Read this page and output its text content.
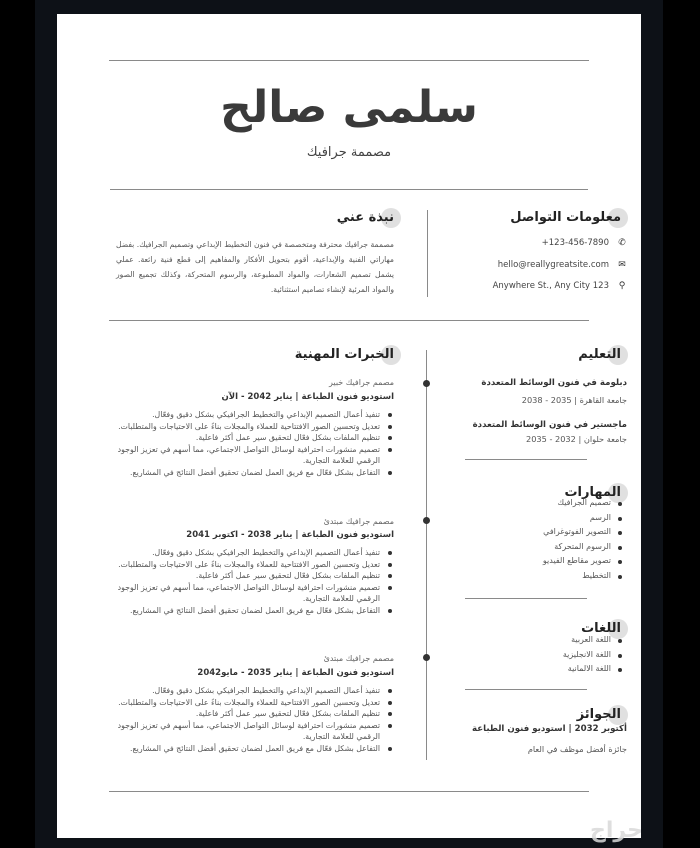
سلمى صالح
مصممة جرافيك
معلومات التواصل
+123-456-7890 ✆
hello@reallygreatsite.com ✉
Anywhere St., Any City 123 ⚲
نبذة عني
مصممة جرافيك محترفة ومتخصصة في فنون التخطيط الإبداعي وتصميم الجرافيك. بفضل مهاراتي الفنية والإبداعية، أقوم بتحويل الأفكار والمفاهيم إلى قطع فنية رائعة. عملي يشمل تصميم الشعارات، والمواد المطبوعة، والرسوم المتحركة، وكذلك تجميع الصور والمواد المرئية لإنشاء تصاميم استثنائية.
التعليم
دبلومة في فنون الوسائط المتعددة
جامعة القاهرة | 2035 - 2038
ماجستير في فنون الوسائط المتعددة
جامعة حلوان | 2032 - 2035
المهارات
تصميم الجرافيك
الرسم
التصوير الفوتوغرافي
الرسوم المتحركة
تصوير مقاطع الفيديو
التخطيط
اللغات
اللغة العربية
اللغة الانجليزية
اللغة الالمانية
الجوائز
أكتوبر 2032 | استوديو فنون الطباعة
جائزة أفضل موظف في العام
الخبرات المهنية
مصمم جرافيك خبير
استوديو فنون الطباعة | يناير 2042 - الآن
تنفيذ أعمال التصميم الإبداعي والتخطيط الجرافيكي بشكل دقيق وفعّال.
تعديل وتحسين الصور الافتتاحية للعملاء والمجلات بناءً على الاحتياجات والمتطلبات.
تنظيم الملفات بشكل فعّال لتحقيق سير عمل أكثر فاعلية.
تصميم منشورات احترافية لوسائل التواصل الاجتماعي، مما أسهم في تعزيز الوجود الرقمي للعلامة التجارية.
التفاعل بشكل فعّال مع فريق العمل لضمان تحقيق أفضل النتائج في المشاريع.
مصمم جرافيك مبتدئ
استوديو فنون الطباعة | يناير 2038 - اكتوبر 2041
تنفيذ أعمال التصميم الإبداعي والتخطيط الجرافيكي بشكل دقيق وفعّال.
تعديل وتحسين الصور الافتتاحية للعملاء والمجلات بناءً على الاحتياجات والمتطلبات.
تنظيم الملفات بشكل فعّال لتحقيق سير عمل أكثر فاعلية.
تصميم منشورات احترافية لوسائل التواصل الاجتماعي، مما أسهم في تعزيز الوجود الرقمي للعلامة التجارية.
التفاعل بشكل فعّال مع فريق العمل لضمان تحقيق أفضل النتائج في المشاريع.
مصمم جرافيك مبتدئ
استوديو فنون الطباعة | يناير 2035 - مايو2042
تنفيذ أعمال التصميم الإبداعي والتخطيط الجرافيكي بشكل دقيق وفعّال.
تعديل وتحسين الصور الافتتاحية للعملاء والمجلات بناءً على الاحتياجات والمتطلبات.
تنظيم الملفات بشكل فعّال لتحقيق سير عمل أكثر فاعلية.
تصميم منشورات احترافية لوسائل التواصل الاجتماعي، مما أسهم في تعزيز الوجود الرقمي للعلامة التجارية.
التفاعل بشكل فعّال مع فريق العمل لضمان تحقيق أفضل النتائج في المشاريع.
حراج
